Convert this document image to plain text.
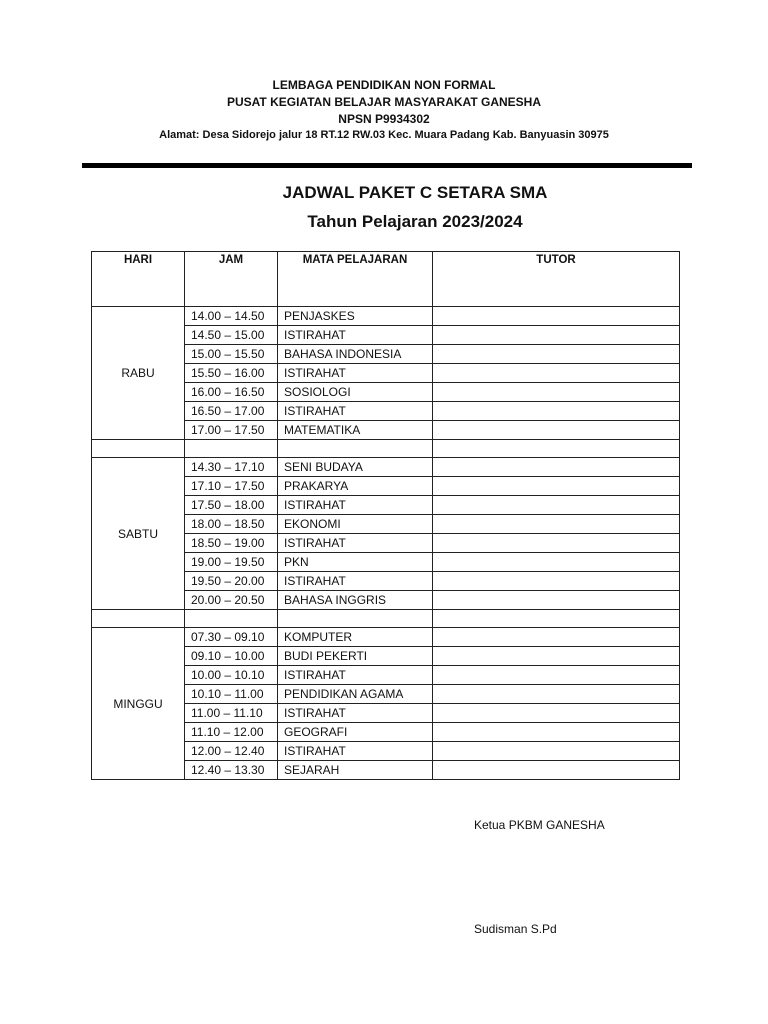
LEMBAGA PENDIDIKAN NON FORMAL
PUSAT KEGIATAN BELAJAR MASYARAKAT GANESHA
NPSN P9934302
Alamat: Desa Sidorejo jalur 18 RT.12 RW.03 Kec. Muara Padang Kab. Banyuasin 30975
JADWAL PAKET C SETARA SMA
Tahun Pelajaran 2023/2024
HARI	JAM	MATA PELAJARAN	TUTOR
RABU	14.00 – 14.50	PENJASKES	
	14.50 – 15.00	ISTIRAHAT	
	15.00 – 15.50	BAHASA INDONESIA	
	15.50 – 16.00	ISTIRAHAT	
	16.00 – 16.50	SOSIOLOGI	
	16.50 – 17.00	ISTIRAHAT	
	17.00 – 17.50	MATEMATIKA	

SABTU	14.30 – 17.10	SENI BUDAYA	
	17.10 – 17.50	PRAKARYA	
	17.50 – 18.00	ISTIRAHAT	
	18.00 – 18.50	EKONOMI	
	18.50 – 19.00	ISTIRAHAT	
	19.00 – 19.50	PKN	
	19.50 – 20.00	ISTIRAHAT	
	20.00 – 20.50	BAHASA INGGRIS	

MINGGU	07.30 – 09.10	KOMPUTER	
	09.10 – 10.00	BUDI PEKERTI	
	10.00 – 10.10	ISTIRAHAT	
	10.10 – 11.00	PENDIDIKAN AGAMA	
	11.00 – 11.10	ISTIRAHAT	
	11.10 – 12.00	GEOGRAFI	
	12.00 – 12.40	ISTIRAHAT	
	12.40 – 13.30	SEJARAH	
Ketua PKBM GANESHA
Sudisman S.Pd
